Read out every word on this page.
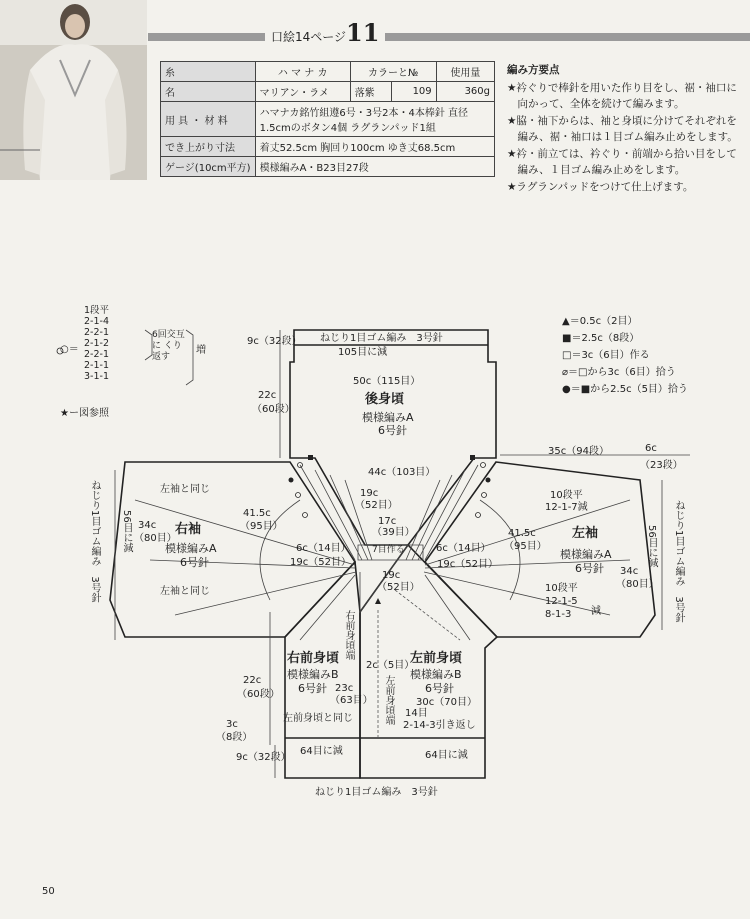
口絵14ページ11
糸	ハ マ ナ カ	カラーと№		使用量
名	マリアン・ラメ	落紫	109	360g
用 具 ・ 材 料	ハマナカ銘竹組遵6号・3号2本・4本棒針 直径1.5cmのボタン4個 ラグランパッド1組			
でき上がり寸法	着丈52.5cm 胸回り100cm ゆき丈68.5cm			
ゲージ(10cm平方)	模様編みA・B23目27段			
編み方要点
★衿ぐりで棒針を用いた作り目をし、裾・袖口に
　向かって、全体を続けて編みます。
★脇・袖下からは、袖と身頃に分けてそれぞれを
　編み、裾・袖口は１目ゴム編み止めをします。
★衿・前立ては、衿ぐり・前端から拾い目をして
　編み、１目ゴム編み止めをします。
★ラグランパッドをつけて仕上げます。
1段平
2-1-4
2-2-1
2-1-2
2-2-1
2-1-1
3-1-1
○＝
6回交互に くり返す
増
★ー図参照
▲＝0.5c（2目）
■＝2.5c（8段）
□＝3c（6目）作る
⌀＝□から3c（6目）拾う
●＝■から2.5c（5目）拾う
ねじり1目ゴム編み　3号針
105目に減
9c（32段）
50c（115目）
後身頃
模様編みA
6号針
22c
（60段）
44c（103目）
左袖と同じ
41.5c
（95目）
34c
（80目）
右袖
模様編みA
6号針
左袖と同じ
ねじり1目ゴム編み　3号針 56目に減
35c（94段）	6c
（23段）
10段平
12-1-7減
41.5c
（95目）
左袖
模様編みA
6号針 34c
（80目）
10段平
12-1-5
8-1-3 減
56目に減 ねじり1目ゴム編み　3号針
19c
（52目）
17c
（39目）
7目作る
6c（14目）
19c（52目）
6c（14目）
19c（52目）
19c
（52目）
右前身頃端
右前身頃
模様編みB
6号針 23c
（63目）
左前身頃と同じ
22c
（60段）
3c
（8段）
9c（32段）
64目に減
左前身頃
2c（5目）
模様編みB
6号針
左前身頃端 30c（70目）
14目
2-14-3引き返し
64目に減
ねじり1目ゴム編み　3号針
50
